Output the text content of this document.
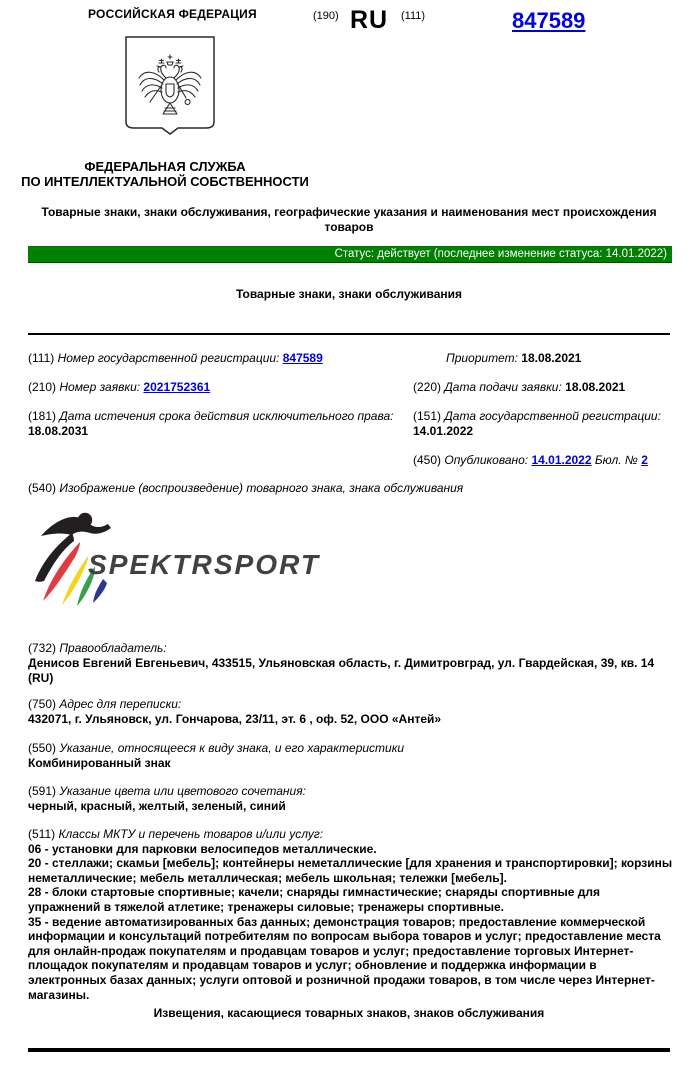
РОССИЙСКАЯ ФЕДЕРАЦИЯ	(190) RU (111)	847589
ФЕДЕРАЛЬНАЯ СЛУЖБА
ПО ИНТЕЛЛЕКТУАЛЬНОЙ СОБСТВЕННОСТИ
Товарные знаки, знаки обслуживания, географические указания и наименования мест происхождения товаров
Статус: действует (последнее изменение статуса: 14.01.2022)
Товарные знаки, знаки обслуживания
(111) Номер государственной регистрации: 847589
(210) Номер заявки: 2021752361
(181) Дата истечения срока действия исключительного права:
18.08.2031
Приоритет: 18.08.2021
(220) Дата подачи заявки: 18.08.2021
(151) Дата государственной регистрации:
14.01.2022
(450) Опубликовано: 14.01.2022 Бюл. № 2
(540) Изображение (воспроизведение) товарного знака, знака обслуживания
SPEKTRSPORT
(732) Правообладатель:
Денисов Евгений Евгеньевич, 433515, Ульяновская область, г. Димитровград, ул. Гвардейская, 39, кв. 14 (RU)
(750) Адрес для переписки:
432071, г. Ульяновск, ул. Гончарова, 23/11, эт. 6 , оф. 52, ООО «Антей»
(550) Указание, относящееся к виду знака, и его характеристики
Комбинированный знак
(591) Указание цвета или цветового сочетания:
черный, красный, желтый, зеленый, синий
(511) Классы МКТУ и перечень товаров и/или услуг:
06 - установки для парковки велосипедов металлические.
20 - стеллажи; скамьи [мебель]; контейнеры неметаллические [для хранения и транспортировки]; корзины неметаллические; мебель металлическая; мебель школьная; тележки [мебель].
28 - блоки стартовые спортивные; качели; снаряды гимнастические; снаряды спортивные для упражнений в тяжелой атлетике; тренажеры силовые; тренажеры спортивные.
35 - ведение автоматизированных баз данных; демонстрация товаров; предоставление коммерческой информации и консультаций потребителям по вопросам выбора товаров и услуг; предоставление места для онлайн-продаж покупателям и продавцам товаров и услуг; предоставление торговых Интернет-площадок покупателям и продавцам товаров и услуг; обновление и поддержка информации в электронных базах данных; услуги оптовой и розничной продажи товаров, в том числе через Интернет-магазины.
Извещения, касающиеся товарных знаков, знаков обслуживания
